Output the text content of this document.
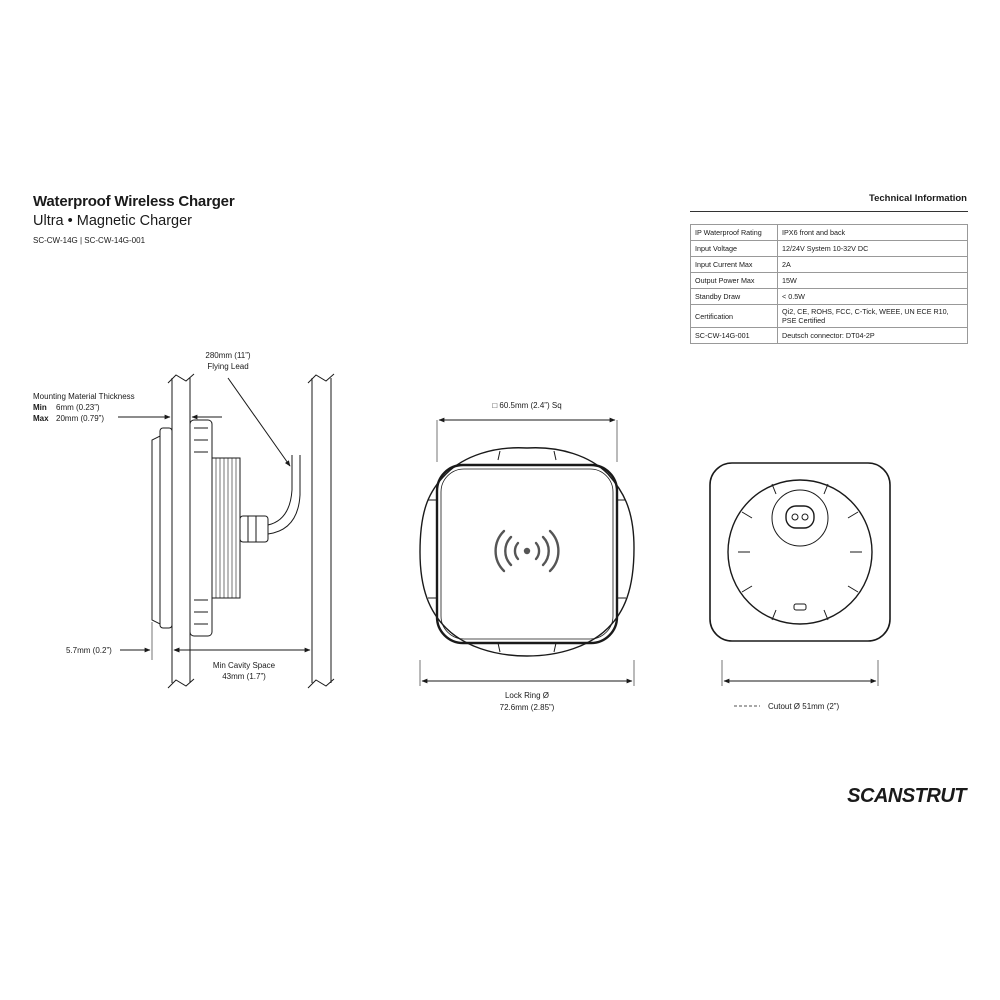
Waterproof Wireless Charger
Ultra • Magnetic Charger
SC-CW-14G | SC-CW-14G-001
Technical Information
IP Waterproof Rating	IPX6 front and back
Input Voltage	12/24V System 10-32V DC
Input Current Max	2A
Output Power Max	15W
Standby Draw	< 0.5W
Certification	Qi2, CE, ROHS, FCC, C-Tick, WEEE, UN ECE R10, PSE Certified
SC-CW-14G-001	Deutsch connector: DT04-2P
280mm (11”)
Flying Lead
Mounting Material Thickness
Min 6mm (0.23”)
Max 20mm (0.79”)
5.7mm (0.2”)
Min Cavity Space
43mm (1.7”)
□ 60.5mm (2.4”) Sq
Lock Ring Ø
72.6mm (2.85”)	Cutout Ø 51mm (2”)
SCANSTRUT
